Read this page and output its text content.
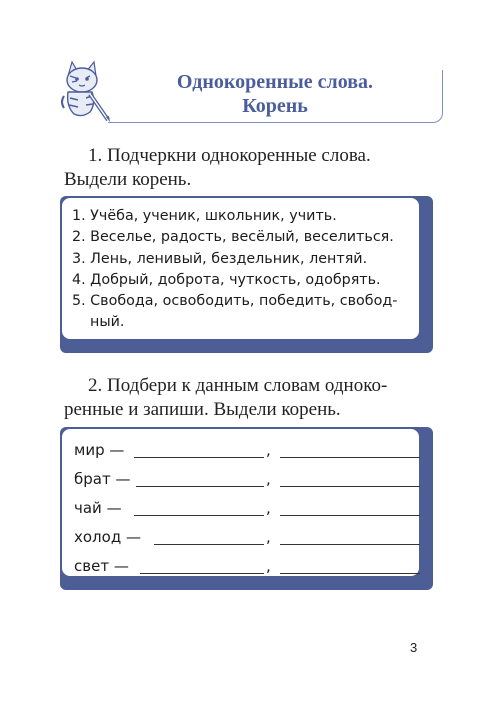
Однокоренные слова.
Корень

1. Подчеркни однокоренные слова.

Выдели корень.

1. Учёба, ученик, школьник, учить.
2. Веселье, радость, весёлый, веселиться.
3. Лень, ленивый, бездельник, лентяй.
4. Добрый, доброта, чуткость, одобрять.
5. Свобода, освободить, победить, свобод-
ный.

2. Подбери к данным словам одноко-

ренные и запиши. Выдели корень.

мир —	,
брат —	,
чай —	,
холод —	,
свет —	,
3
